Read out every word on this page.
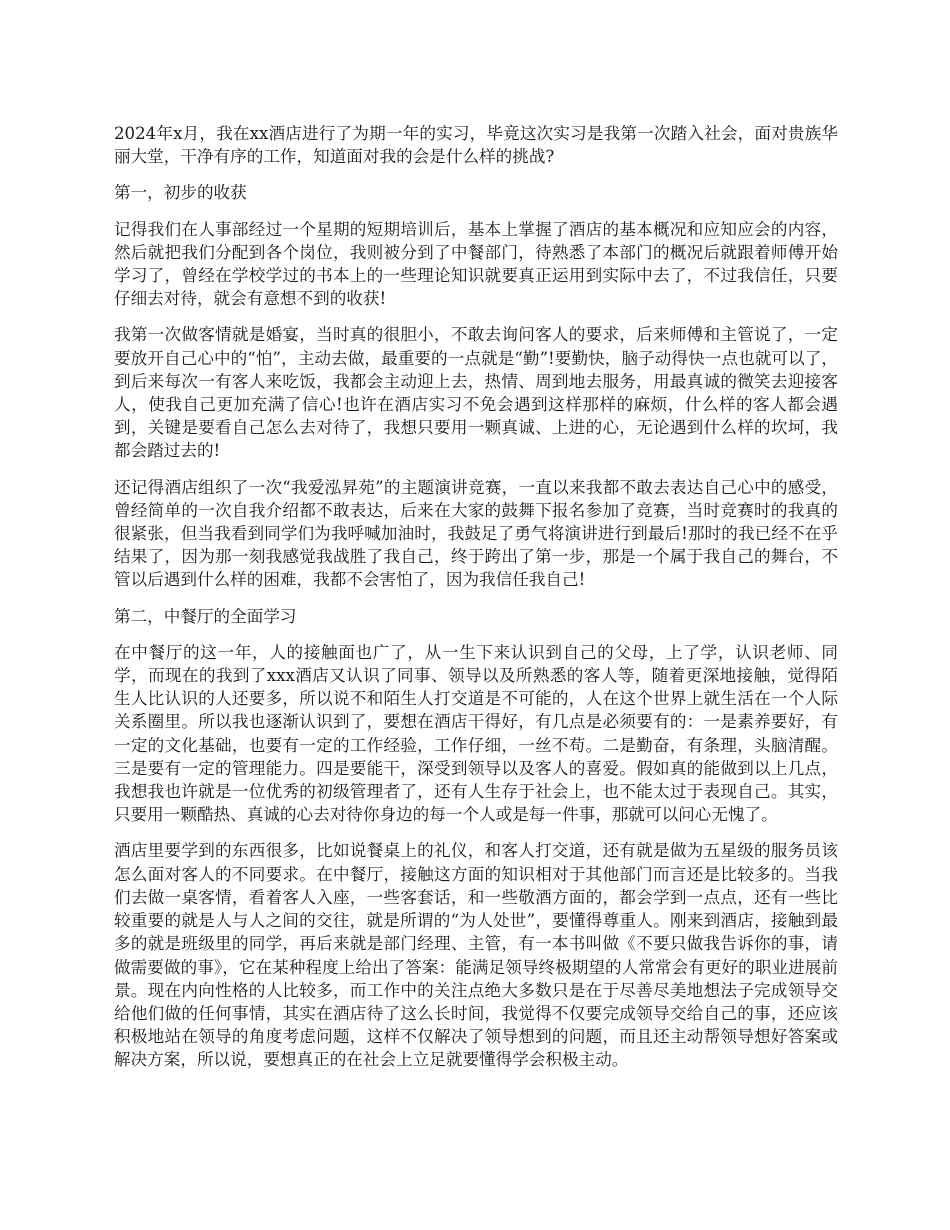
2024年x月，我在xx酒店进行了为期一年的实习，毕竟这次实习是我第一次踏入社会，面对贵族华丽大堂，干净有序的工作，知道面对我的会是什么样的挑战?

第一，初步的收获

记得我们在人事部经过一个星期的短期培训后，基本上掌握了酒店的基本概况和应知应会的内容，然后就把我们分配到各个岗位，我则被分到了中餐部门，待熟悉了本部门的概况后就跟着师傅开始学习了，曾经在学校学过的书本上的一些理论知识就要真正运用到实际中去了，不过我信任，只要仔细去对待，就会有意想不到的收获!

我第一次做客情就是婚宴，当时真的很胆小，不敢去询问客人的要求，后来师傅和主管说了，一定要放开自己心中的“怕”，主动去做，最重要的一点就是“勤”!要勤快，脑子动得快一点也就可以了，到后来每次一有客人来吃饭，我都会主动迎上去，热情、周到地去服务，用最真诚的微笑去迎接客人，使我自己更加充满了信心!也许在酒店实习不免会遇到这样那样的麻烦，什么样的客人都会遇到，关键是要看自己怎么去对待了，我想只要用一颗真诚、上进的心，无论遇到什么样的坎坷，我都会踏过去的!

还记得酒店组织了一次“我爱泓昇苑”的主题演讲竞赛，一直以来我都不敢去表达自己心中的感受，曾经简单的一次自我介绍都不敢表达，后来在大家的鼓舞下报名参加了竞赛，当时竞赛时的我真的很紧张，但当我看到同学们为我呼喊加油时，我鼓足了勇气将演讲进行到最后!那时的我已经不在乎结果了，因为那一刻我感觉我战胜了我自己，终于跨出了第一步，那是一个属于我自己的舞台，不管以后遇到什么样的困难，我都不会害怕了，因为我信任我自己!

第二，中餐厅的全面学习

在中餐厅的这一年，人的接触面也广了，从一生下来认识到自己的父母，上了学，认识老师、同学，而现在的我到了xxx酒店又认识了同事、领导以及所熟悉的客人等，随着更深地接触，觉得陌生人比认识的人还要多，所以说不和陌生人打交道是不可能的，人在这个世界上就生活在一个人际关系圈里。所以我也逐渐认识到了，要想在酒店干得好，有几点是必须要有的：一是素养要好，有一定的文化基础，也要有一定的工作经验，工作仔细，一丝不苟。二是勤奋，有条理，头脑清醒。三是要有一定的管理能力。四是要能干，深受到领导以及客人的喜爱。假如真的能做到以上几点，我想我也许就是一位优秀的初级管理者了，还有人生存于社会上，也不能太过于表现自己。其实，只要用一颗酷热、真诚的心去对待你身边的每一个人或是每一件事，那就可以问心无愧了。

酒店里要学到的东西很多，比如说餐桌上的礼仪，和客人打交道，还有就是做为五星级的服务员该怎么面对客人的不同要求。在中餐厅，接触这方面的知识相对于其他部门而言还是比较多的。当我们去做一桌客情，看着客人入座，一些客套话，和一些敬酒方面的，都会学到一点点，还有一些比较重要的就是人与人之间的交往，就是所谓的“为人处世”，要懂得尊重人。刚来到酒店，接触到最多的就是班级里的同学，再后来就是部门经理、主管，有一本书叫做《不要只做我告诉你的事，请做需要做的事》，它在某种程度上给出了答案：能满足领导终极期望的人常常会有更好的职业进展前景。现在内向性格的人比较多，而工作中的关注点绝大多数只是在于尽善尽美地想法子完成领导交给他们做的任何事情，其实在酒店待了这么长时间，我觉得不仅要完成领导交给自己的事，还应该积极地站在领导的角度考虑问题，这样不仅解决了领导想到的问题，而且还主动帮领导想好答案或解决方案，所以说，要想真正的在社会上立足就要懂得学会积极主动。
